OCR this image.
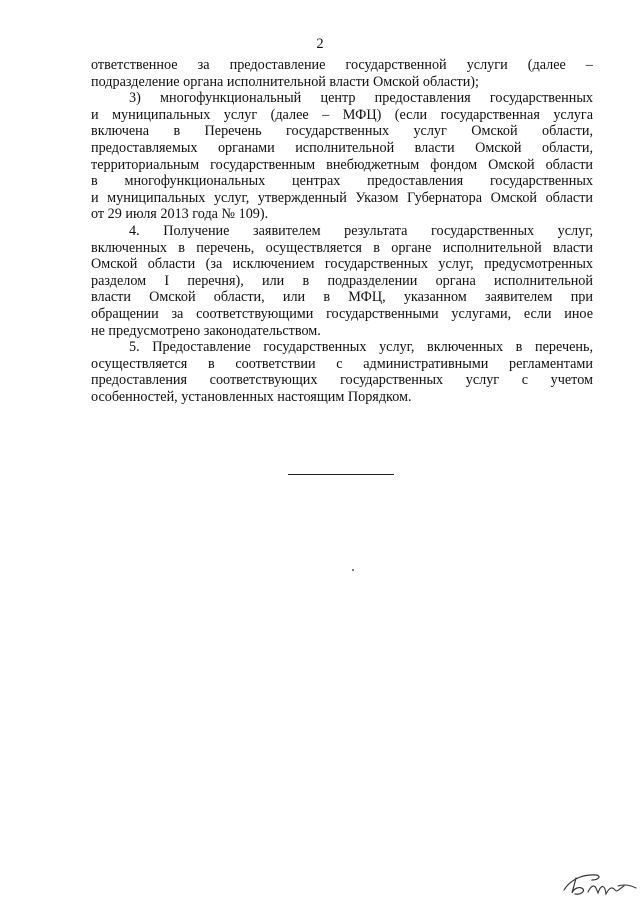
2
ответственное за предоставление государственной услуги (далее –
подразделение органа исполнительной власти Омской области);
3) многофункциональный центр предоставления государственных
и муниципальных услуг (далее – МФЦ) (если государственная услуга
включена в Перечень государственных услуг Омской области,
предоставляемых органами исполнительной власти Омской области,
территориальным государственным внебюджетным фондом Омской области
в многофункциональных центрах предоставления государственных
и муниципальных услуг, утвержденный Указом Губернатора Омской области
от 29 июля 2013 года № 109).
4. Получение заявителем результата государственных услуг,
включенных в перечень, осуществляется в органе исполнительной власти
Омской области (за исключением государственных услуг, предусмотренных
разделом I перечня), или в подразделении органа исполнительной
власти Омской области, или в МФЦ, указанном заявителем при
обращении за соответствующими государственными услугами, если иное
не предусмотрено законодательством.
5. Предоставление государственных услуг, включенных в перечень,
осуществляется в соответствии с административными регламентами
предоставления соответствующих государственных услуг с учетом
особенностей, установленных настоящим Порядком.
